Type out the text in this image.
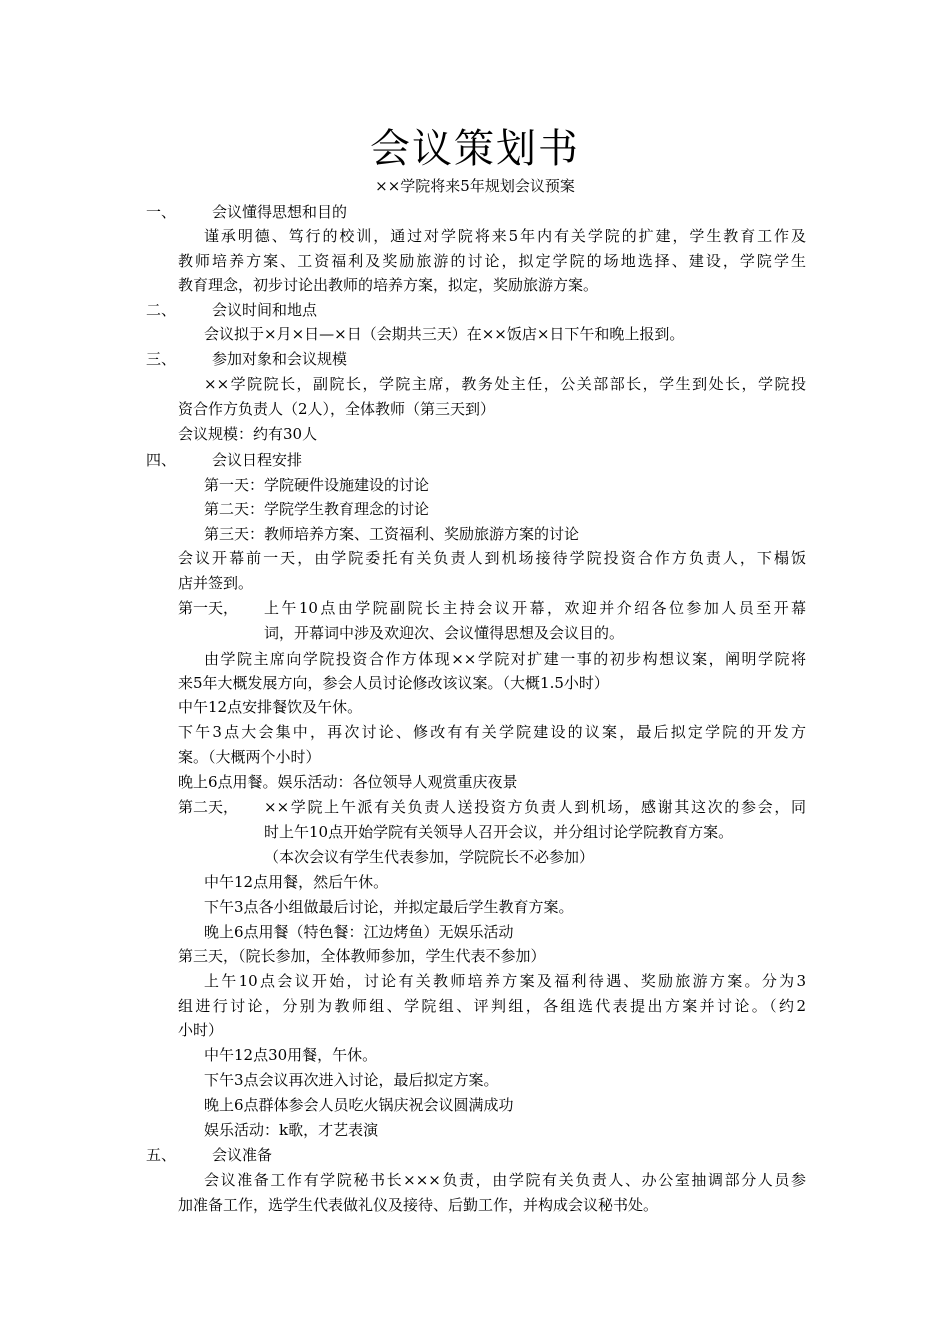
会议策划书
××学院将来5年规划会议预案
一、 会议懂得思想和目的
谨承明德、笃行的校训，通过对学院将来5年内有关学院的扩建，学生教育工作及
教师培养方案、工资福利及奖励旅游的讨论，拟定学院的场地选择、建设，学院学生
教育理念，初步讨论出教师的培养方案，拟定，奖励旅游方案。
二、 会议时间和地点
会议拟于×月×日—×日（会期共三天）在××饭店×日下午和晚上报到。
三、 参加对象和会议规模
××学院院长，副院长，学院主席，教务处主任，公关部部长，学生到处长，学院投
资合作方负责人（2人），全体教师（第三天到）
会议规模：约有30人
四、 会议日程安排
第一天：学院硬件设施建设的讨论
第二天：学院学生教育理念的讨论
第三天：教师培养方案、工资福利、奖励旅游方案的讨论
会议开幕前一天，由学院委托有关负责人到机场接待学院投资合作方负责人，下榻饭
店并签到。
第一天， 上午10点由学院副院长主持会议开幕，欢迎并介绍各位参加人员至开幕
词，开幕词中涉及欢迎次、会议懂得思想及会议目的。
由学院主席向学院投资合作方体现××学院对扩建一事的初步构想议案，阐明学院将
来5年大概发展方向，参会人员讨论修改该议案。（大概1.5小时）
中午12点安排餐饮及午休。
下午3点大会集中，再次讨论、修改有有关学院建设的议案，最后拟定学院的开发方
案。（大概两个小时）
晚上6点用餐。娱乐活动：各位领导人观赏重庆夜景
第二天， ××学院上午派有关负责人送投资方负责人到机场，感谢其这次的参会，同
时上午10点开始学院有关领导人召开会议，并分组讨论学院教育方案。
（本次会议有学生代表参加，学院院长不必参加）
中午12点用餐，然后午休。
下午3点各小组做最后讨论，并拟定最后学生教育方案。
晚上6点用餐（特色餐：江边烤鱼）无娱乐活动
第三天，（院长参加，全体教师参加，学生代表不参加）
上午10点会议开始，讨论有关教师培养方案及福利待遇、奖励旅游方案。分为3
组进行讨论，分别为教师组、学院组、评判组，各组选代表提出方案并讨论。（约2
小时）
中午12点30用餐，午休。
下午3点会议再次进入讨论，最后拟定方案。
晚上6点群体参会人员吃火锅庆祝会议圆满成功
娱乐活动：k歌，才艺表演
五、 会议准备
会议准备工作有学院秘书长×××负责，由学院有关负责人、办公室抽调部分人员参
加准备工作，选学生代表做礼仪及接待、后勤工作，并构成会议秘书处。
